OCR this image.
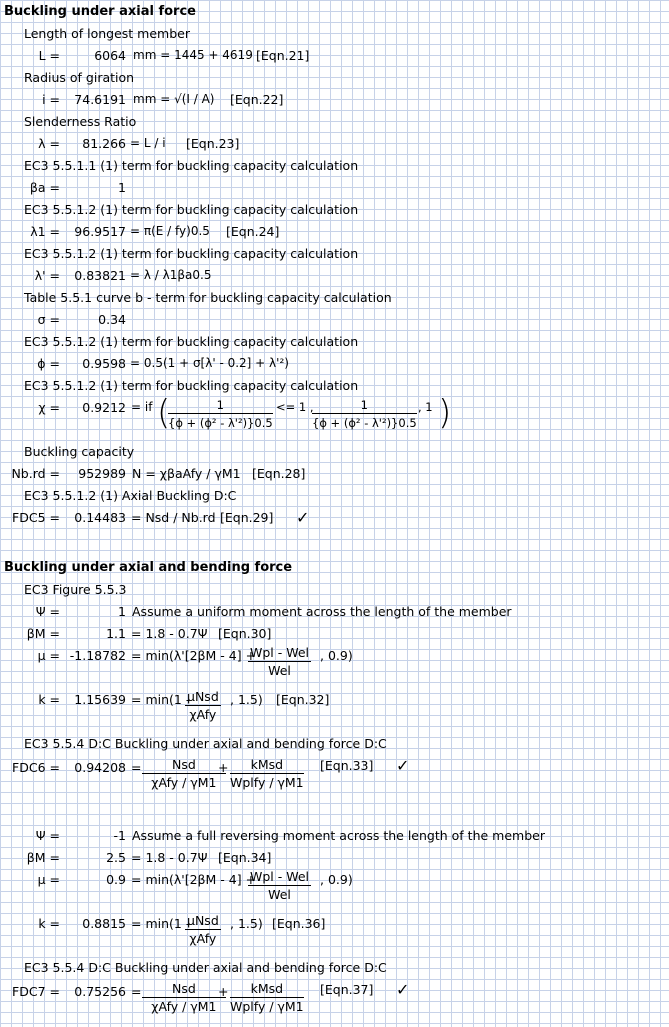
Buckling under axial force
Length of longest member
L =	6064 mm = 1445 + 4619 [Eqn.21]
Radius of giration
i =	74.6191 mm = √(I / A) [Eqn.22]
Slenderness Ratio
λ =	81.266 = L / i [Eqn.23]
EC3 5.5.1.1 (1) term for buckling capacity calculation
βa =	1
EC3 5.5.1.2 (1) term for buckling capacity calculation
λ1 =	96.9517 = π(E / fy)0.5 [Eqn.24]
EC3 5.5.1.2 (1) term for buckling capacity calculation
λ' =	0.83821 = λ / λ1βa0.5
Table 5.5.1 curve b - term for buckling capacity calculation
σ =	0.34
EC3 5.5.1.2 (1) term for buckling capacity calculation
ϕ =	0.9598 = 0.5(1 + σ[λ' - 0.2] + λ'²)
EC3 5.5.1.2 (1) term for buckling capacity calculation
χ =	0.9212 = if (
$\frac{1}{\text{\{ϕ + (ϕ² - λ'²)\}0.5}} <= 1$ ,
$\frac{1}{\text{\{ϕ + (ϕ² - λ'²)\}0.5}}$ , 1 )
Buckling capacity
Nb.rd =	952989 N = χβaAfy / γM1 [Eqn.28]
EC3 5.5.1.2 (1) Axial Buckling D:C
FDC5 =	0.14483 = Nsd / Nb.rd [Eqn.29] ✓
Buckling under axial and bending force
EC3 Figure 5.5.3
Ψ =	1 Assume a uniform moment across the length of the member
βM =	1.1 = 1.8 - 0.7Ψ [Eqn.30]
μ = -1.18782 = min(λ'[2βM - 4] +
Wpl - Wel
Wel
, 0.9)
k =	1.15639 = min(1 -
μNsd
χAfy
, 1.5) [Eqn.32]
EC3 5.5.4 D:C Buckling under axial and bending force D:C
FDC6 =	0.94208 =	Nsd
χAfy / γM1
+	kMsd
Wplfy / γM1
[Eqn.33] ✓
Ψ =	-1 Assume a full reversing moment across the length of the member
βM =	2.5 = 1.8 - 0.7Ψ [Eqn.34]
μ =	0.9 = min(λ'[2βM - 4] +
Wpl - Wel
Wel
, 0.9)
k =	0.8815 = min(1 -
μNsd
χAfy
, 1.5) [Eqn.36]
EC3 5.5.4 D:C Buckling under axial and bending force D:C
FDC7 =	0.75256 =	Nsd
χAfy / γM1
+	kMsd
Wplfy / γM1
[Eqn.37] ✓
